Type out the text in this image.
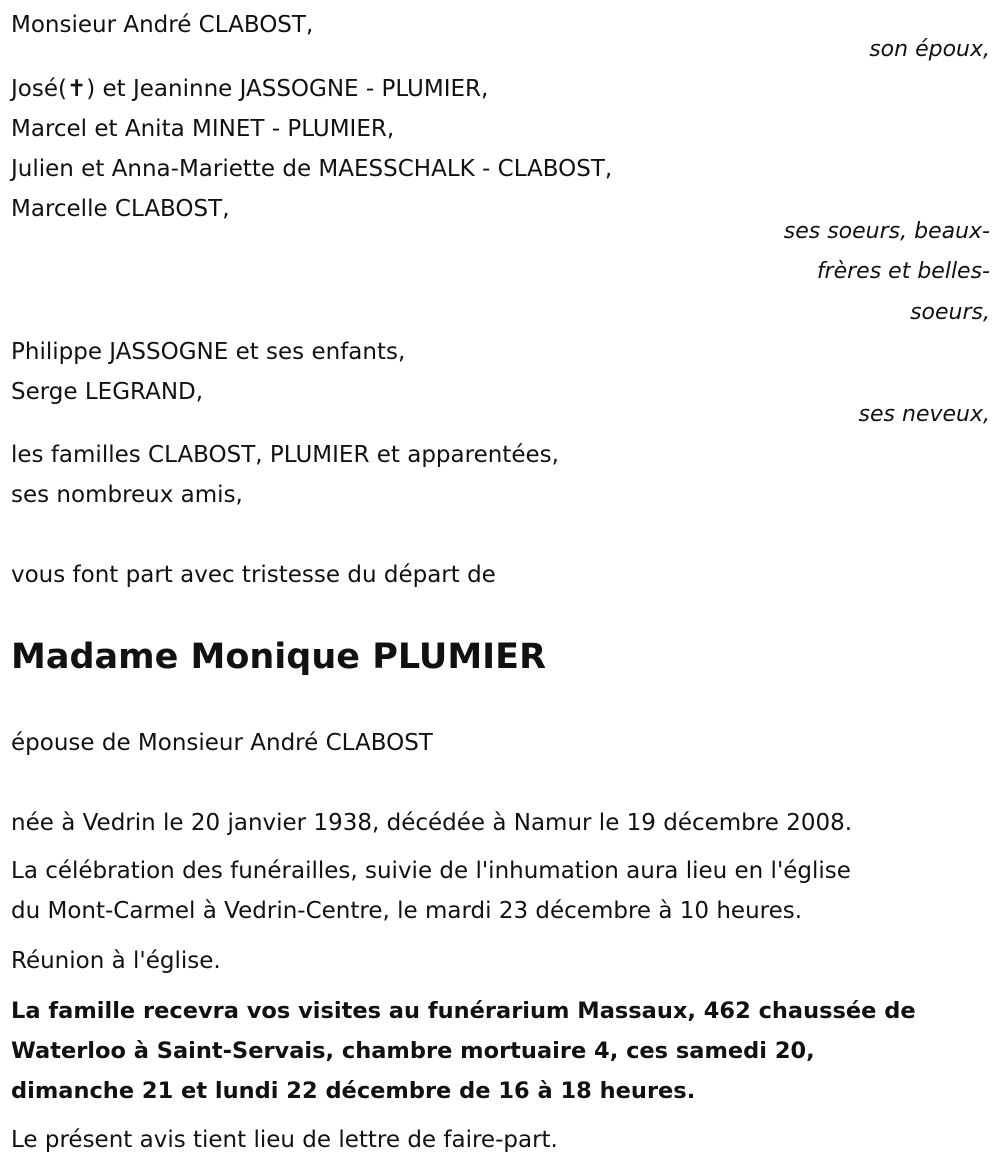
Monsieur André CLABOST,

son époux,

José(✝) et Jeaninne JASSOGNE - PLUMIER,

Marcel et Anita MINET - PLUMIER,

Julien et Anna-Mariette de MAESSCHALK - CLABOST,

Marcelle CLABOST,

ses soeurs, beaux-

frères et belles-

soeurs,

Philippe JASSOGNE et ses enfants,

Serge LEGRAND,

ses neveux,

les familles CLABOST, PLUMIER et apparentées,

ses nombreux amis,

vous font part avec tristesse du départ de

Madame Monique PLUMIER

épouse de Monsieur André CLABOST

née à Vedrin le 20 janvier 1938, décédée à Namur le 19 décembre 2008.

La célébration des funérailles, suivie de l'inhumation aura lieu en l'église

du Mont-Carmel à Vedrin-Centre, le mardi 23 décembre à 10 heures.

Réunion à l'église.

La famille recevra vos visites au funérarium Massaux, 462 chaussée de

Waterloo à Saint-Servais, chambre mortuaire 4, ces samedi 20,

dimanche 21 et lundi 22 décembre de 16 à 18 heures.

Le présent avis tient lieu de lettre de faire-part.
